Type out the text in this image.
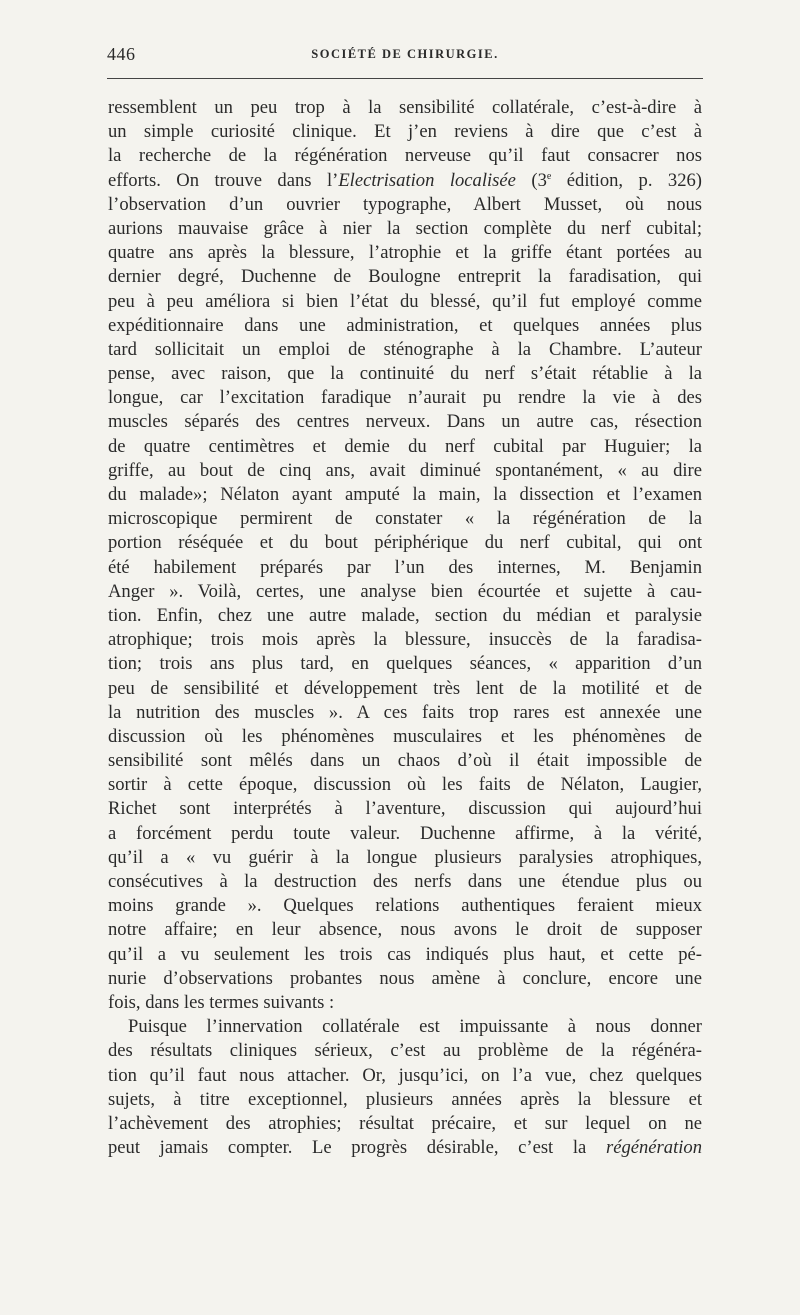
446	SOCIÉTÉ DE CHIRURGIE.
ressemblent un peu trop à la sensibilité collatérale, c’est-à-dire à
un simple curiosité clinique. Et j’en reviens à dire que c’est à
la recherche de la régénération nerveuse qu’il faut consacrer nos
efforts. On trouve dans l’Electrisation localisée (3e édition, p. 326)
l’observation d’un ouvrier typographe, Albert Musset, où nous
aurions mauvaise grâce à nier la section complète du nerf cubital;
quatre ans après la blessure, l’atrophie et la griffe étant portées au
dernier degré, Duchenne de Boulogne entreprit la faradisation, qui
peu à peu améliora si bien l’état du blessé, qu’il fut employé comme
expéditionnaire dans une administration, et quelques années plus
tard sollicitait un emploi de sténographe à la Chambre. L’auteur
pense, avec raison, que la continuité du nerf s’était rétablie à la
longue, car l’excitation faradique n’aurait pu rendre la vie à des
muscles séparés des centres nerveux. Dans un autre cas, résection
de quatre centimètres et demie du nerf cubital par Huguier; la
griffe, au bout de cinq ans, avait diminué spontanément, « au dire
du malade»; Nélaton ayant amputé la main, la dissection et l’examen
microscopique permirent de constater « la régénération de la
portion réséquée et du bout périphérique du nerf cubital, qui ont
été habilement préparés par l’un des internes, M. Benjamin
Anger ». Voilà, certes, une analyse bien écourtée et sujette à cau-
tion. Enfin, chez une autre malade, section du médian et paralysie
atrophique; trois mois après la blessure, insuccès de la faradisa-
tion; trois ans plus tard, en quelques séances, « apparition d’un
peu de sensibilité et développement très lent de la motilité et de
la nutrition des muscles ». A ces faits trop rares est annexée une
discussion où les phénomènes musculaires et les phénomènes de
sensibilité sont mêlés dans un chaos d’où il était impossible de
sortir à cette époque, discussion où les faits de Nélaton, Laugier,
Richet sont interprétés à l’aventure, discussion qui aujourd’hui
a forcément perdu toute valeur. Duchenne affirme, à la vérité,
qu’il a « vu guérir à la longue plusieurs paralysies atrophiques,
consécutives à la destruction des nerfs dans une étendue plus ou
moins grande ». Quelques relations authentiques feraient mieux
notre affaire; en leur absence, nous avons le droit de supposer
qu’il a vu seulement les trois cas indiqués plus haut, et cette pé-
nurie d’observations probantes nous amène à conclure, encore une
fois, dans les termes suivants :
Puisque l’innervation collatérale est impuissante à nous donner
des résultats cliniques sérieux, c’est au problème de la régénéra-
tion qu’il faut nous attacher. Or, jusqu’ici, on l’a vue, chez quelques
sujets, à titre exceptionnel, plusieurs années après la blessure et
l’achèvement des atrophies; résultat précaire, et sur lequel on ne
peut jamais compter. Le progrès désirable, c’est la régénération
